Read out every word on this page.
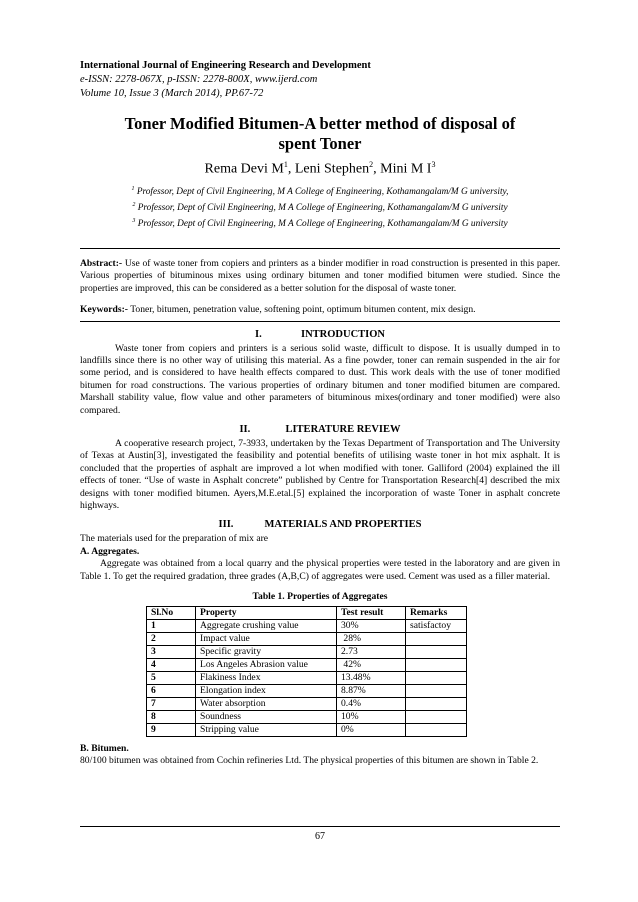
International Journal of Engineering Research and Development
e-ISSN: 2278-067X, p-ISSN: 2278-800X, www.ijerd.com
Volume 10, Issue 3 (March 2014), PP.67-72
Toner Modified Bitumen-A better method of disposal of
spent Toner
Rema Devi $M^1$, Leni Stephen$^2$, Mini M $I^3$
$^1$ Professor, Dept of Civil Engineering, M A College of Engineering, Kothamangalam/M G university,
$^2$ Professor, Dept of Civil Engineering, M A College of Engineering, Kothamangalam/M G university
$^3$ Professor, Dept of Civil Engineering, M A College of Engineering, Kothamangalam/M G university

Abstract:- Use of waste toner from copiers and printers as a binder modifier in road construction is presented in this paper. Various properties of bituminous mixes using ordinary bitumen and toner modified bitumen were studied. Since the properties are improved, this can be considered as a better solution for the disposal of waste toner.

Keywords:- Toner, bitumen, penetration value, softening point, optimum bitumen content, mix design.

I.	INTRODUCTION

Waste toner from copiers and printers is a serious solid waste, difficult to dispose. It is usually dumped in to landfills since there is no other way of utilising this material. As a fine powder, toner can remain suspended in the air for some period, and is considered to have health effects compared to dust. This work deals with the use of toner modified bitumen for road constructions. The various properties of ordinary bitumen and toner modified bitumen are compared. Marshall stability value, flow value and other parameters of bituminous mixes(ordinary and toner modified) were also compared.

II.	LITERATURE REVIEW

A cooperative research project, 7-3933, undertaken by the Texas Department of Transportation and The University of Texas at Austin[3], investigated the feasibility and potential benefits of utilising waste toner in hot mix asphalt. It is concluded that the properties of asphalt are improved a lot when modified with toner. Galliford (2004) explained the ill effects of toner. “Use of waste in Asphalt concrete” published by Centre for Transportation Research[4] described the mix designs with toner modified bitumen. Ayers,M.E.etal.[5] explained the incorporation of waste Toner in asphalt concrete highways.

III.	MATERIALS AND PROPERTIES

The materials used for the preparation of mix are

A. Aggregates.

Aggregate was obtained from a local quarry and the physical properties were tested in the laboratory and are given in Table 1. To get the required gradation, three grades (A,B,C) of aggregates were used. Cement was used as a filler material.

Table 1. Properties of Aggregates
Sl.No	Property	Test result	Remarks
1	Aggregate crushing value	30%	satisfactoy
2	Impact value	28%	
3	Specific gravity	2.73	
4	Los Angeles Abrasion value	42%	
5	Flakiness Index	13.48%	
6	Elongation index	8.87%	
7	Water absorption	0.4%	
8	Soundness	10%	
9	Stripping value	0%	
B. Bitumen.

80/100 bitumen was obtained from Cochin refineries Ltd. The physical properties of this bitumen are shown in Table 2.

67
